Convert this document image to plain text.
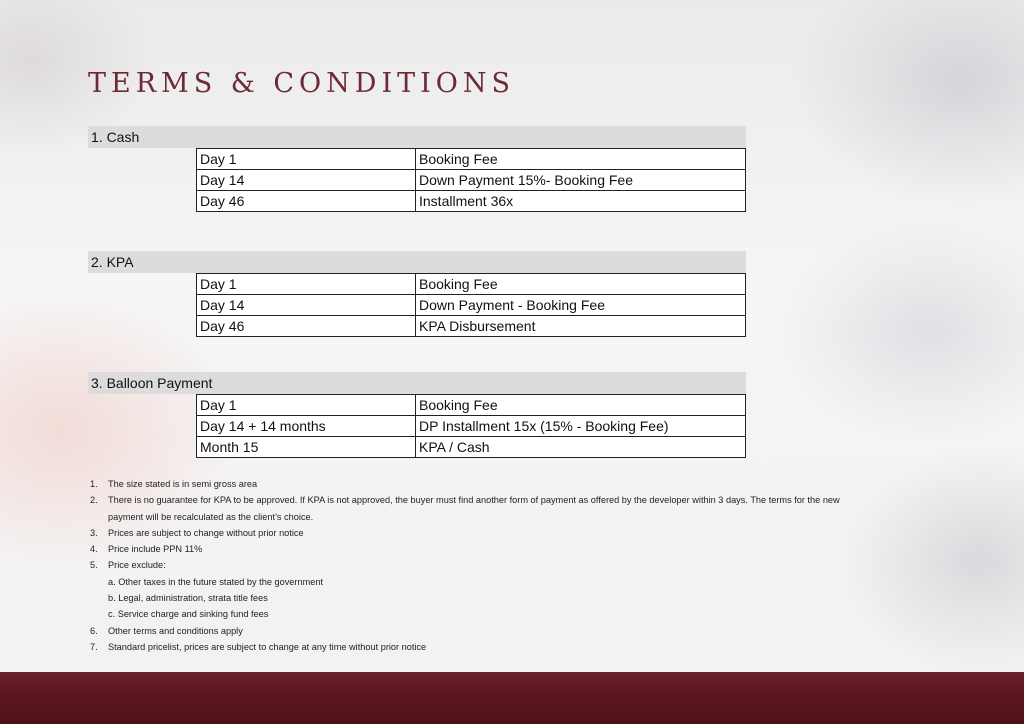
TERMS & CONDITIONS
1. Cash
Day 1	Booking Fee
Day 14	Down Payment 15%- Booking Fee
Day 46	Installment 36x
2. KPA
Day 1	Booking Fee
Day 14	Down Payment - Booking Fee
Day 46	KPA Disbursement
3. Balloon Payment
Day 1	Booking Fee
Day 14 + 14 months	DP Installment 15x (15% - Booking Fee)
Month 15	KPA / Cash
1. The size stated is in semi gross area
2. There is no guarantee for KPA to be approved. If KPA is not approved, the buyer must find another form of payment as offered by the developer within 3 days. The terms for the new
payment will be recalculated as the client’s choice.
3. Prices are subject to change without prior notice
4. Price include PPN 11%
5. Price exclude:
a. Other taxes in the future stated by the government
b. Legal, administration, strata title fees
c. Service charge and sinking fund fees
6. Other terms and conditions apply
7. Standard pricelist, prices are subject to change at any time without prior notice
